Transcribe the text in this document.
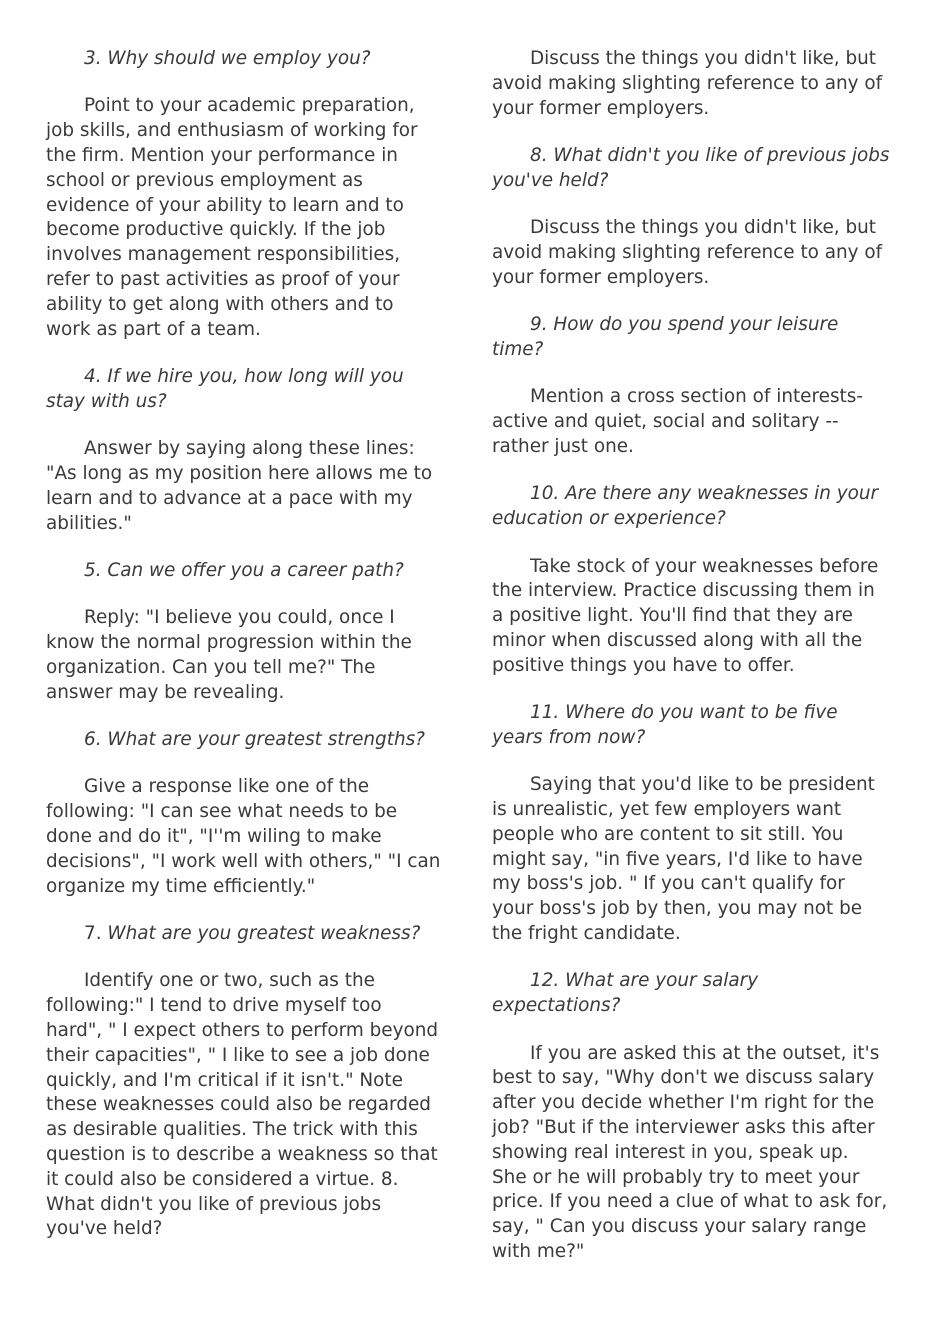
3. Why should we employ you?

Point to your academic preparation,
job skills, and enthusiasm of working for
the firm. Mention your performance in
school or previous employment as
evidence of your ability to learn and to
become productive quickly. If the job
involves management responsibilities,
refer to past activities as proof of your
ability to get along with others and to
work as part of a team.

4. If we hire you, how long will you
stay with us?

Answer by saying along these lines:
"As long as my position here allows me to
learn and to advance at a pace with my
abilities."

5. Can we offer you a career path?

Reply: "I believe you could, once I
know the normal progression within the
organization. Can you tell me?" The
answer may be revealing.

6. What are your greatest strengths?

Give a response like one of the
following: "I can see what needs to be
done and do it", "I''m wiling to make
decisions", "I work well with others," "I can
organize my time efficiently."

7. What are you greatest weakness?

Identify one or two, such as the
following:" I tend to drive myself too
hard", " I expect others to perform beyond
their capacities", " I like to see a job done
quickly, and I'm critical if it isn't." Note
these weaknesses could also be regarded
as desirable qualities. The trick with this
question is to describe a weakness so that
it could also be considered a virtue. 8.
What didn't you like of previous jobs
you've held?

Discuss the things you didn't like, but
avoid making slighting reference to any of
your former employers.

8. What didn't you like of previous jobs
you've held?

Discuss the things you didn't like, but
avoid making slighting reference to any of
your former employers.

9. How do you spend your leisure
time?

Mention a cross section of interests-
active and quiet, social and solitary --
rather just one.

10. Are there any weaknesses in your
education or experience?

Take stock of your weaknesses before
the interview. Practice discussing them in
a positive light. You'll find that they are
minor when discussed along with all the
positive things you have to offer.

11. Where do you want to be five
years from now?

Saying that you'd like to be president
is unrealistic, yet few employers want
people who are content to sit still. You
might say, "in five years, I'd like to have
my boss's job. " If you can't qualify for
your boss's job by then, you may not be
the fright candidate.

12. What are your salary
expectations?

If you are asked this at the outset, it's
best to say, "Why don't we discuss salary
after you decide whether I'm right for the
job? "But if the interviewer asks this after
showing real interest in you, speak up.
She or he will probably try to meet your
price. If you need a clue of what to ask for,
say, " Can you discuss your salary range
with me?"
